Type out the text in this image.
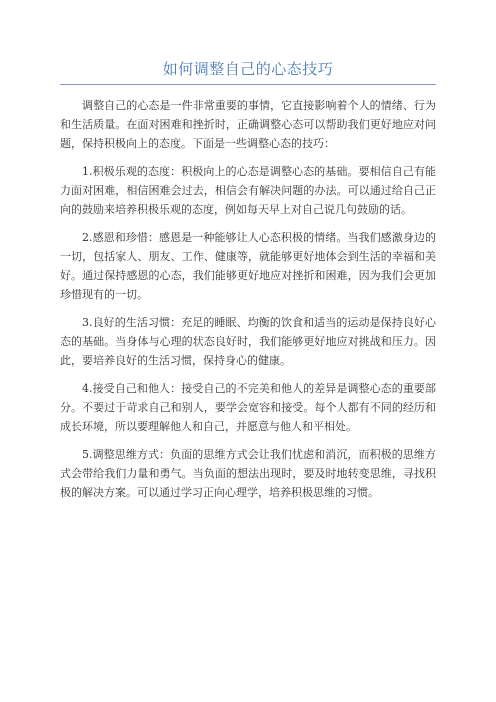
如何调整自己的心态技巧

调整自己的心态是一件非常重要的事情，它直接影响着个人的情绪、行为和生活质量。在面对困难和挫折时，正确调整心态可以帮助我们更好地应对问题，保持积极向上的态度。下面是一些调整心态的技巧：

1.积极乐观的态度：积极向上的心态是调整心态的基础。要相信自己有能力面对困难，相信困难会过去，相信会有解决问题的办法。可以通过给自己正向的鼓励来培养积极乐观的态度，例如每天早上对自己说几句鼓励的话。

2.感恩和珍惜：感恩是一种能够让人心态积极的情绪。当我们感激身边的一切，包括家人、朋友、工作、健康等，就能够更好地体会到生活的幸福和美好。通过保持感恩的心态，我们能够更好地应对挫折和困难，因为我们会更加珍惜现有的一切。

3.良好的生活习惯：充足的睡眠、均衡的饮食和适当的运动是保持良好心态的基础。当身体与心理的状态良好时，我们能够更好地应对挑战和压力。因此，要培养良好的生活习惯，保持身心的健康。

4.接受自己和他人：接受自己的不完美和他人的差异是调整心态的重要部分。不要过于苛求自己和别人，要学会宽容和接受。每个人都有不同的经历和成长环境，所以要理解他人和自己，并愿意与他人和平相处。

5.调整思维方式：负面的思维方式会让我们忧虑和消沉，而积极的思维方式会带给我们力量和勇气。当负面的想法出现时，要及时地转变思维，寻找积极的解决方案。可以通过学习正向心理学，培养积极思维的习惯。
